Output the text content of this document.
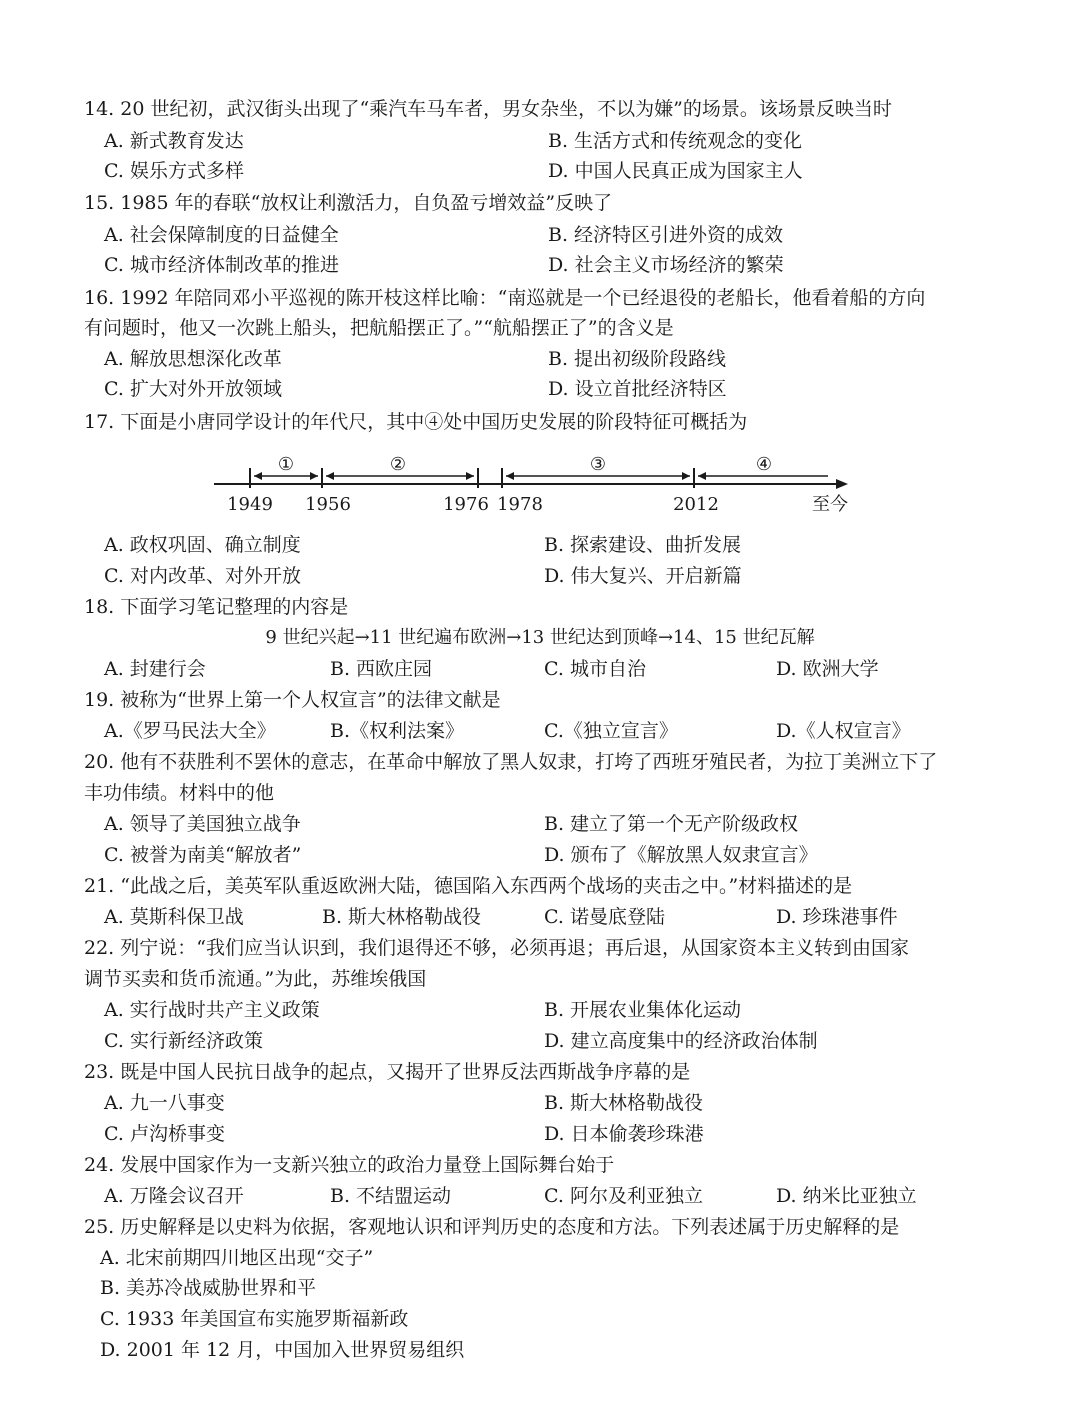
14. 20 世纪初，武汉街头出现了“乘汽车马车者，男女杂坐，不以为嫌”的场景。该场景反映当时
A. 新式教育发达	B. 生活方式和传统观念的变化
C. 娱乐方式多样	D. 中国人民真正成为国家主人
15. 1985 年的春联“放权让利激活力，自负盈亏增效益”反映了
A. 社会保障制度的日益健全	B. 经济特区引进外资的成效
C. 城市经济体制改革的推进	D. 社会主义市场经济的繁荣
16. 1992 年陪同邓小平巡视的陈开枝这样比喻：“南巡就是一个已经退役的老船长，他看着船的方向
有问题时，他又一次跳上船头，把航船摆正了。”“航船摆正了”的含义是
A. 解放思想深化改革	B. 提出初级阶段路线
C. 扩大对外开放领域	D. 设立首批经济特区
17. 下面是小唐同学设计的年代尺，其中④处中国历史发展的阶段特征可概括为
①	②	③	④
1949 1956	1976 1978	2012	至今
A. 政权巩固、确立制度	B. 探索建设、曲折发展
C. 对内改革、对外开放	D. 伟大复兴、开启新篇
18. 下面学习笔记整理的内容是
9 世纪兴起→11 世纪遍布欧洲→13 世纪达到顶峰→14、15 世纪瓦解
A. 封建行会	B. 西欧庄园	C. 城市自治	D. 欧洲大学
19. 被称为“世界上第一个人权宣言”的法律文献是
A.《罗马民法大全》	B.《权利法案》	C.《独立宣言》	D.《人权宣言》
20. 他有不获胜利不罢休的意志，在革命中解放了黑人奴隶，打垮了西班牙殖民者，为拉丁美洲立下了
丰功伟绩。材料中的他
A. 领导了美国独立战争	B. 建立了第一个无产阶级政权
C. 被誉为南美“解放者”	D. 颁布了《解放黑人奴隶宣言》
21. “此战之后，美英军队重返欧洲大陆，德国陷入东西两个战场的夹击之中。”材料描述的是
A. 莫斯科保卫战	B. 斯大林格勒战役	C. 诺曼底登陆	D. 珍珠港事件
22. 列宁说：“我们应当认识到，我们退得还不够，必须再退；再后退，从国家资本主义转到由国家
调节买卖和货币流通。”为此，苏维埃俄国
A. 实行战时共产主义政策	B. 开展农业集体化运动
C. 实行新经济政策	D. 建立高度集中的经济政治体制
23. 既是中国人民抗日战争的起点，又揭开了世界反法西斯战争序幕的是
A. 九一八事变	B. 斯大林格勒战役
C. 卢沟桥事变	D. 日本偷袭珍珠港
24. 发展中国家作为一支新兴独立的政治力量登上国际舞台始于
A. 万隆会议召开	B. 不结盟运动	C. 阿尔及利亚独立	D. 纳米比亚独立
25. 历史解释是以史料为依据，客观地认识和评判历史的态度和方法。下列表述属于历史解释的是
A. 北宋前期四川地区出现“交子”
B. 美苏冷战威胁世界和平
C. 1933 年美国宣布实施罗斯福新政
D. 2001 年 12 月，中国加入世界贸易组织
